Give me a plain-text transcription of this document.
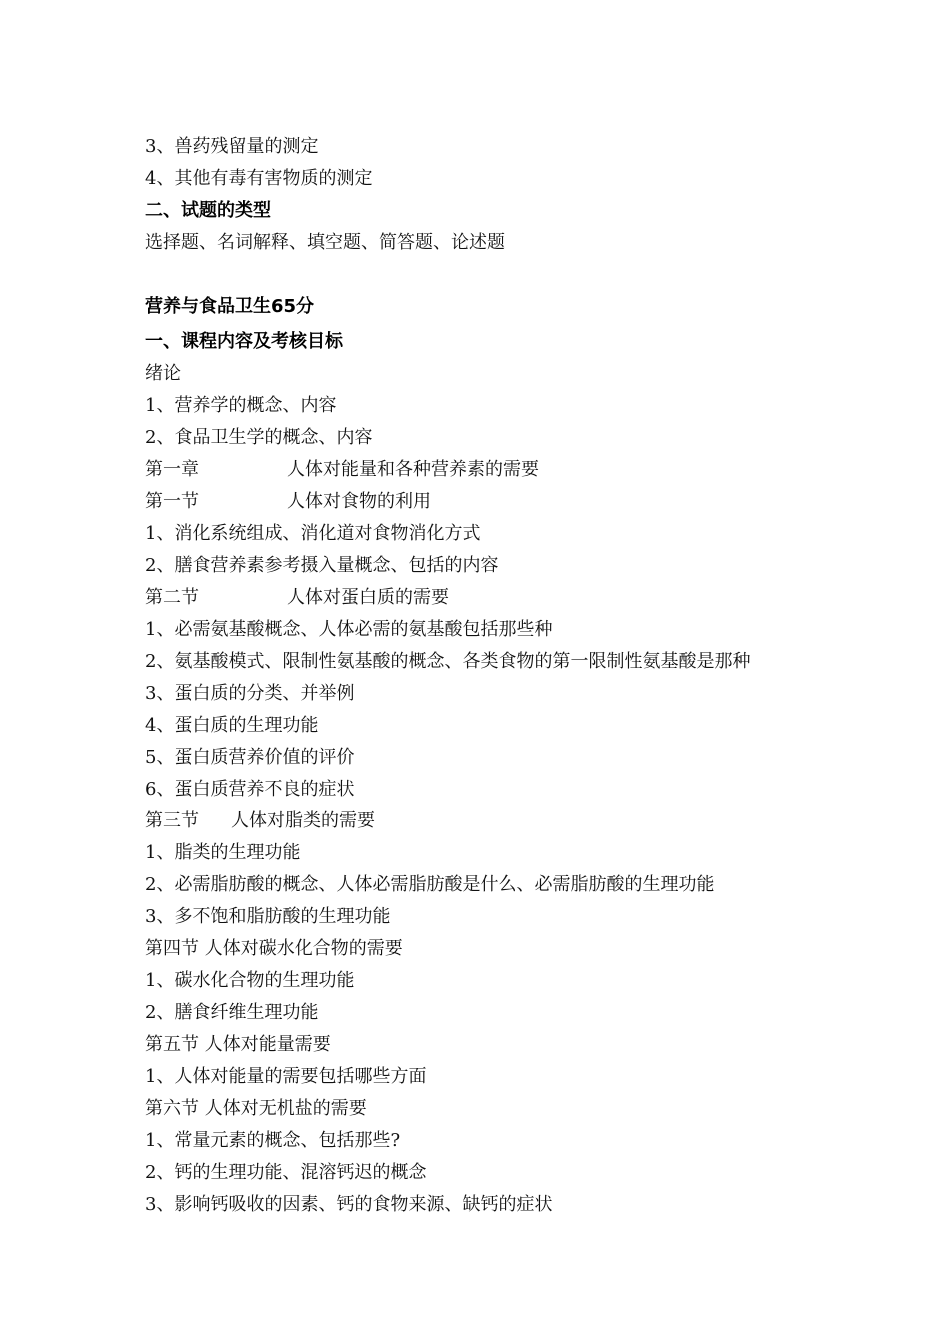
3、兽药残留量的测定
4、其他有毒有害物质的测定
二、试题的类型
选择题、名词解释、填空题、简答题、论述题
营养与食品卫生65分
一、课程内容及考核目标
绪论
1、营养学的概念、内容
2、食品卫生学的概念、内容
第一章	人体对能量和各种营养素的需要
第一节	人体对食物的利用
1、消化系统组成、消化道对食物消化方式
2、膳食营养素参考摄入量概念、包括的内容
第二节	人体对蛋白质的需要
1、必需氨基酸概念、人体必需的氨基酸包括那些种
2、氨基酸模式、限制性氨基酸的概念、各类食物的第一限制性氨基酸是那种
3、蛋白质的分类、并举例
4、蛋白质的生理功能
5、蛋白质营养价值的评价
6、蛋白质营养不良的症状
第三节 人体对脂类的需要
1、脂类的生理功能
2、必需脂肪酸的概念、人体必需脂肪酸是什么、必需脂肪酸的生理功能
3、多不饱和脂肪酸的生理功能
第四节 人体对碳水化合物的需要
1、碳水化合物的生理功能
2、膳食纤维生理功能
第五节 人体对能量需要
1、人体对能量的需要包括哪些方面
第六节 人体对无机盐的需要
1、常量元素的概念、包括那些?
2、钙的生理功能、混溶钙迟的概念
3、影响钙吸收的因素、钙的食物来源、缺钙的症状
